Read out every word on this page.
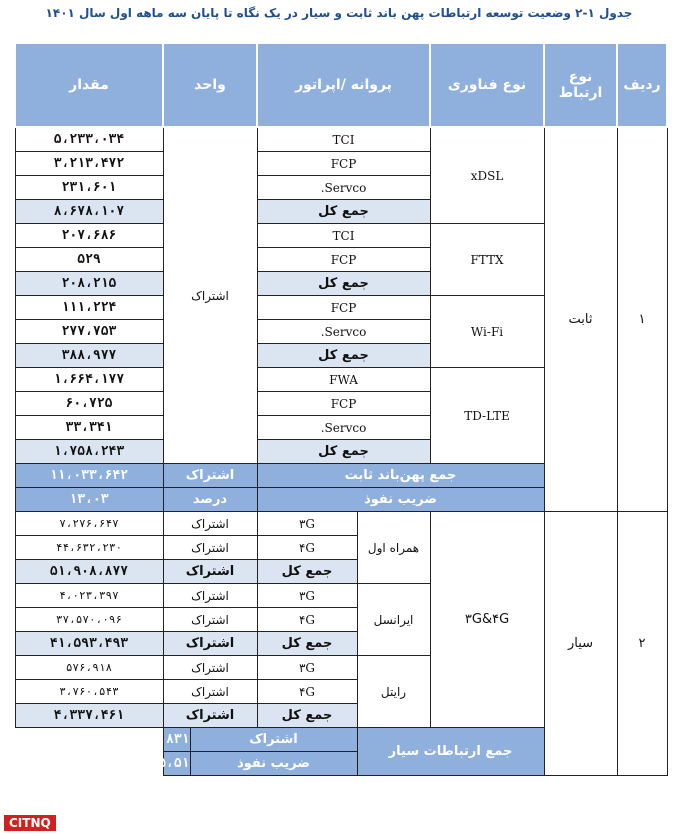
جدول ۱-۲ وضعیت توسعه ارتباطات پهن باند ثابت و سیار در یک نگاه تا پایان سه ماهه اول سال ۱۴۰۱
ردیف	نوع ارتباط	نوع فناوری	پروانه /اپراتور		واحد		مقدار
۱	ثابت	xDSL	TCI		اشتراک		۵،۲۳۳،۰۳۴
			FCP				۳،۲۱۳،۴۷۲
			Servco.				۲۳۱،۶۰۱
			جمع کل				۸،۶۷۸،۱۰۷
		FTTX	TCI				۲۰۷،۶۸۶
			FCP				۵۲۹
			جمع کل				۲۰۸،۲۱۵
		Wi-Fi	FCP				۱۱۱،۲۲۴
			Servco.				۲۷۷،۷۵۳
			جمع کل				۳۸۸،۹۷۷
		TD-LTE	FWA				۱،۶۶۴،۱۷۷
			FCP				۶۰،۷۲۵
			Servco.				۳۳،۳۴۱
			جمع کل				۱،۷۵۸،۲۴۳
		جمع پهن‌باند ثابت			اشتراک		۱۱،۰۳۳،۶۴۲
		ضریب نفوذ			درصد		۱۳،۰۳
۲	سیار	۳G&۴G	همراه اول	۳G	اشتراک		۷،۲۷۶،۶۴۷
				۴G	اشتراک		۴۴،۶۳۲،۲۳۰
				جمع کل	اشتراک		۵۱،۹۰۸،۸۷۷
			ایرانسل	۳G	اشتراک		۴،۰۲۳،۳۹۷
				۴G	اشتراک		۳۷،۵۷۰،۰۹۶
				جمع کل	اشتراک		۴۱،۵۹۳،۴۹۳
			رایتل	۳G	اشتراک		۵۷۶،۹۱۸
				۴G	اشتراک		۳،۷۶۰،۵۴۳
				جمع کل	اشتراک		۴،۳۳۷،۴۶۱
		جمع ارتباطات سیار		اشتراک		۹۷،۸۳۹،۸۳۱	
				ضریب نفوذ		۱۱۵،۵۱	
CITNQ
